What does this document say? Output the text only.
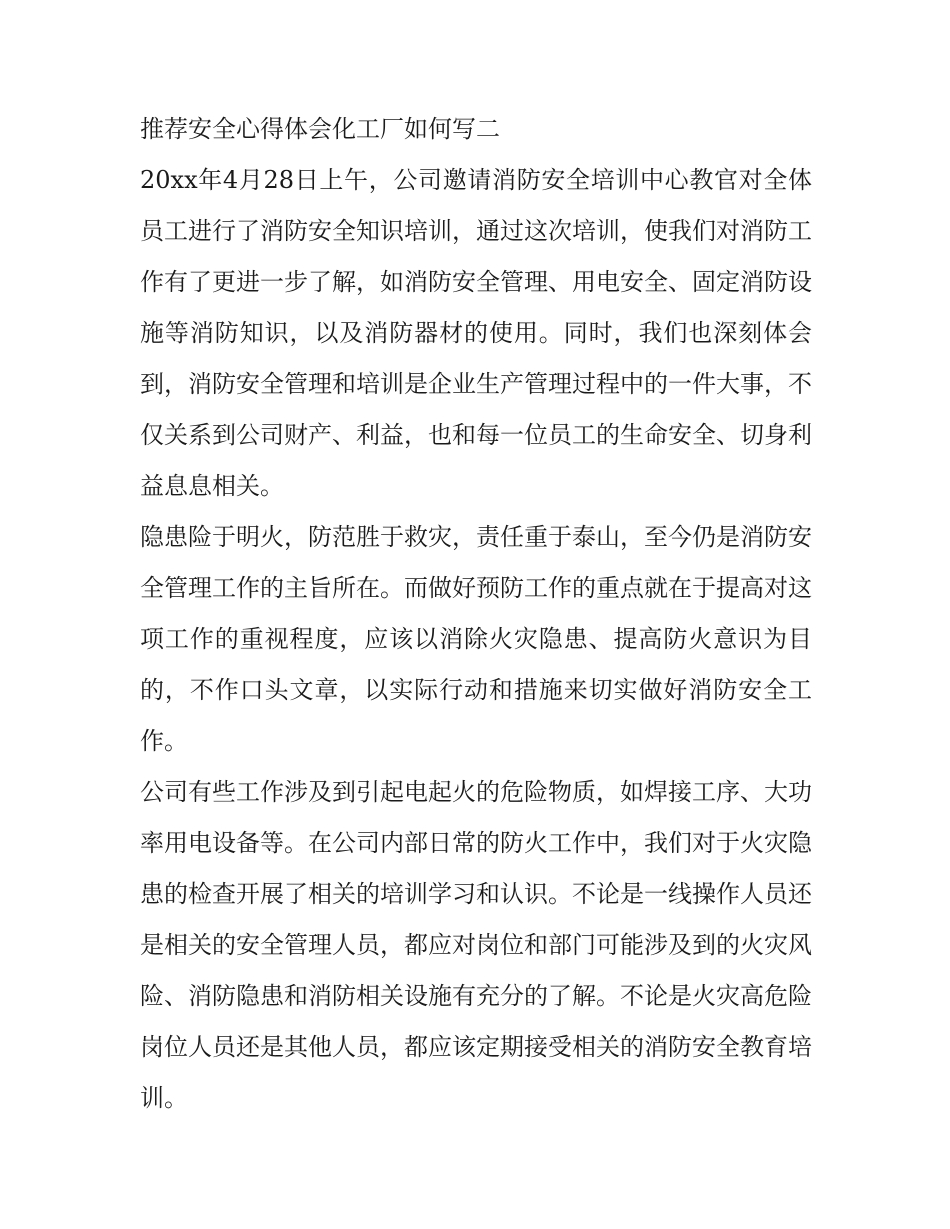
推荐安全心得体会化工厂如何写二

20xx年4月28日上午，公司邀请消防安全培训中心教官对全体员工进行了消防安全知识培训，通过这次培训，使我们对消防工作有了更进一步了解，如消防安全管理、用电安全、固定消防设施等消防知识，以及消防器材的使用。同时，我们也深刻体会到，消防安全管理和培训是企业生产管理过程中的一件大事，不仅关系到公司财产、利益，也和每一位员工的生命安全、切身利益息息相关。

隐患险于明火，防范胜于救灾，责任重于泰山，至今仍是消防安全管理工作的主旨所在。而做好预防工作的重点就在于提高对这项工作的重视程度，应该以消除火灾隐患、提高防火意识为目的，不作口头文章，以实际行动和措施来切实做好消防安全工作。

公司有些工作涉及到引起电起火的危险物质，如焊接工序、大功率用电设备等。在公司内部日常的防火工作中，我们对于火灾隐患的检查开展了相关的培训学习和认识。不论是一线操作人员还是相关的安全管理人员，都应对岗位和部门可能涉及到的火灾风险、消防隐患和消防相关设施有充分的了解。不论是火灾高危险岗位人员还是其他人员，都应该定期接受相关的消防安全教育培训。
